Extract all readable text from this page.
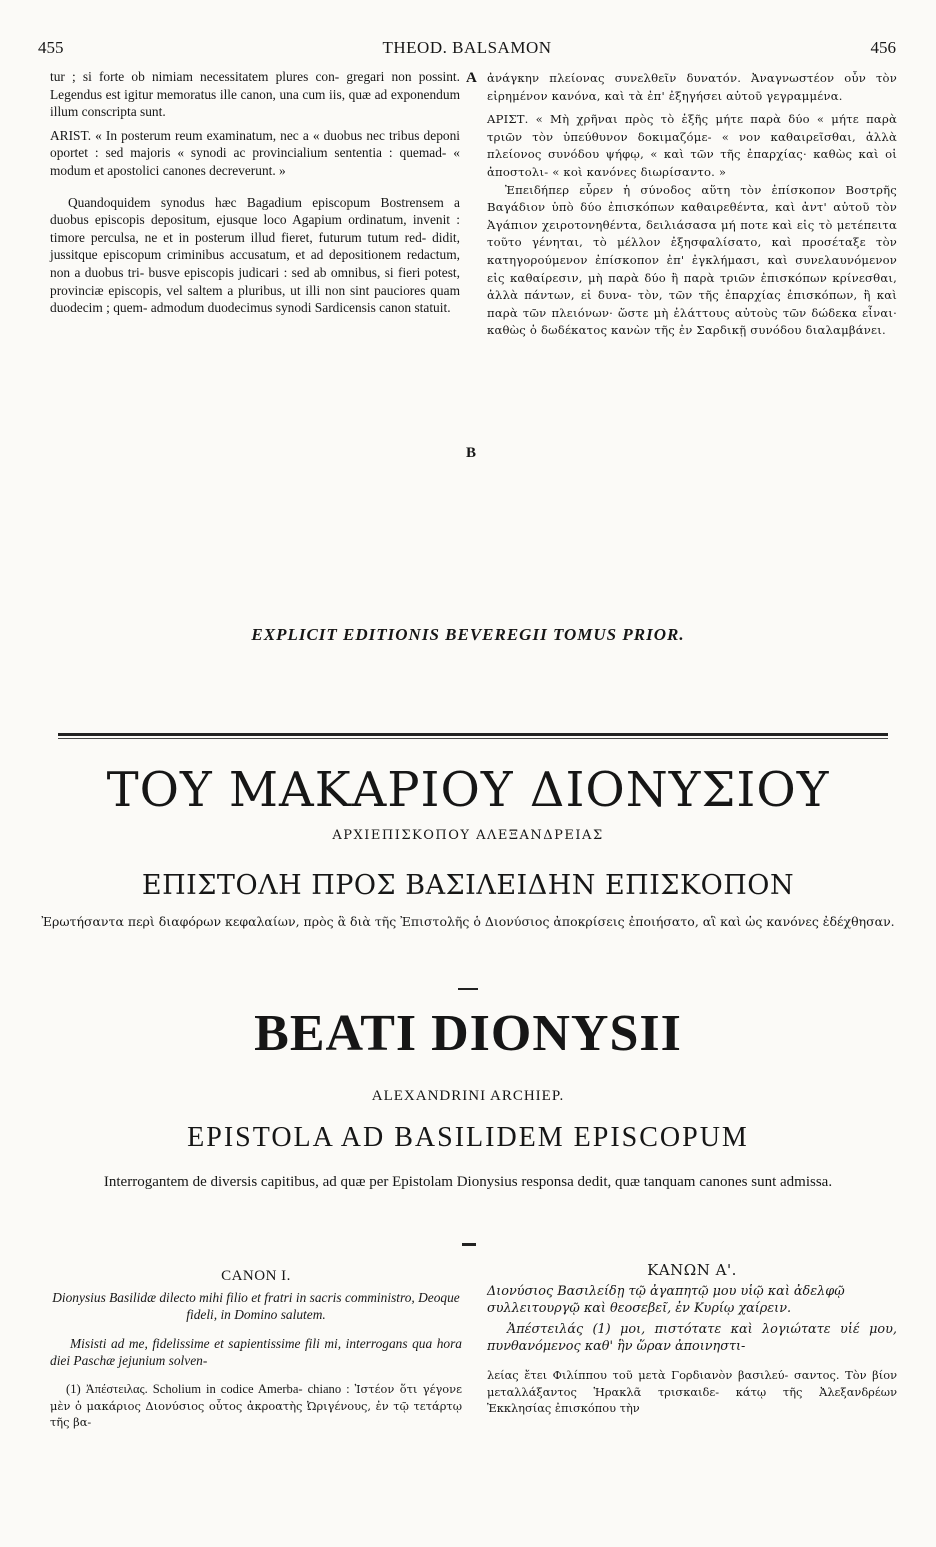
455	THEOD. BALSAMON	456
A
B

tur ; si forte ob nimiam necessitatem plures con- gregari non possint. Legendus est igitur memoratus ille canon, una cum iis, quæ ad exponendum illum conscripta sunt.

ARIST. « In posterum reum examinatum, nec a « duobus nec tribus deponi oportet : sed majoris « synodi ac provincialium sententia : quemad- « modum et apostolici canones decreverunt. »

Quandoquidem synodus hæc Bagadium episcopum Bostrensem a duobus episcopis depositum, ejusque loco Agapium ordinatum, invenit : timore perculsa, ne et in posterum illud fieret, futurum tutum red- didit, jussitque episcopum criminibus accusatum, et ad depositionem redactum, non a duobus tri- busve episcopis judicari : sed ab omnibus, si fieri potest, provinciæ episcopis, vel saltem a pluribus, ut illi non sint pauciores quam duodecim ; quem- admodum duodecimus synodi Sardicensis canon statuit.

ἀνάγκην πλείονας συνελθεῖν δυνατόν. Ἀναγνωστέον οὖν τὸν εἰρημένον κανόνα, καὶ τὰ ἐπ' ἐξηγήσει αὐτοῦ γεγραμμένα.

ΑΡΙΣΤ. « Μὴ χρῆναι πρὸς τὸ ἑξῆς μήτε παρὰ δύο « μήτε παρὰ τριῶν τὸν ὑπεύθυνον δοκιμαζόμε- « νον καθαιρεῖσθαι, ἀλλὰ πλείονος συνόδου ψήφῳ, « καὶ τῶν τῆς ἐπαρχίας· καθὼς καὶ οἱ ἀποστολι- « κοὶ κανόνες διωρίσαντο. »

Ἐπειδήπερ εὗρεν ἡ σύνοδος αὕτη τὸν ἐπίσκοπον Βοστρῆς Βαγάδιον ὑπὸ δύο ἐπισκόπων καθαιρεθέντα, καὶ ἀντ' αὐτοῦ τὸν Ἀγάπιον χειροτονηθέντα, δειλιάσασα μή ποτε καὶ εἰς τὸ μετέπειτα τοῦτο γένηται, τὸ μέλλον ἐξησφαλίσατο, καὶ προσέταξε τὸν κατηγορούμενον ἐπίσκοπον ἐπ' ἐγκλήμασι, καὶ συνελαυνόμενον εἰς καθαίρεσιν, μὴ παρὰ δύο ἢ παρὰ τριῶν ἐπισκόπων κρίνεσθαι, ἀλλὰ πάντων, εἰ δυνα- τὸν, τῶν τῆς ἐπαρχίας ἐπισκόπων, ἢ καὶ παρὰ τῶν πλειόνων· ὥστε μὴ ἐλάττους αὐτοὺς τῶν δώδεκα εἶναι· καθὼς ὁ δωδέκατος κανὼν τῆς ἐν Σαρδικῇ συνόδου διαλαμβάνει.

EXPLICIT EDITIONIS BEVEREGII TOMUS PRIOR.
ΤΟΥ ΜΑΚΑΡΙΟΥ ΔΙΟΝΥΣΙΟΥ
ΑΡΧΙΕΠΙΣΚΟΠΟΥ ΑΛΕΞΑΝΔΡΕΙΑΣ
ΕΠΙΣΤΟΛΗ ΠΡΟΣ ΒΑΣΙΛΕΙΔΗΝ ΕΠΙΣΚΟΠΟΝ
Ἐρωτήσαντα περὶ διαφόρων κεφαλαίων, πρὸς ἃ διὰ τῆς Ἐπιστολῆς ὁ Διονύσιος ἀποκρίσεις ἐποιήσατο, αἳ καὶ ὡς κανόνες ἐδέχθησαν.
BEATI DIONYSII
ALEXANDRINI ARCHIEP.
EPISTOLA AD BASILIDEM EPISCOPUM
Interrogantem de diversis capitibus, ad quæ per Epistolam Dionysius responsa dedit, quæ tanquam canones sunt admissa.
CANON I.

Dionysius Basilidæ dilecto mihi filio et fratri in sacris comministro, Deoque fideli, in Domino salutem.

Misisti ad me, fidelissime et sapientissime fili mi, interrogans qua hora diei Paschæ jejunium solven-

(1) Ἀπέστειλας. Scholium in codice Amerba- chiano : Ἰστέον ὅτι γέγονε μὲν ὁ μακάριος Διονύσιος οὗτος ἀκροατὴς Ὠριγένους, ἐν τῷ τετάρτῳ τῆς βα-

ΚΑΝΩΝ Α'.

Διονύσιος Βασιλείδῃ τῷ ἀγαπητῷ μου υἱῷ καὶ ἀδελφῷ συλλειτουργῷ καὶ θεοσεβεῖ, ἐν Κυρίῳ χαίρειν.

Ἀπέστειλάς (1) μοι, πιστότατε καὶ λογιώτατε υἱέ μου, πυνθανόμενος καθ' ἣν ὥραν ἀποινηστι-

λείας ἔτει Φιλίππου τοῦ μετὰ Γορδιανὸν βασιλεύ- σαντος. Τὸν βίον μεταλλάξαντος Ἡρακλᾶ τρισκαιδε- κάτῳ τῆς Ἀλεξανδρέων Ἐκκλησίας ἐπισκόπου τὴν
